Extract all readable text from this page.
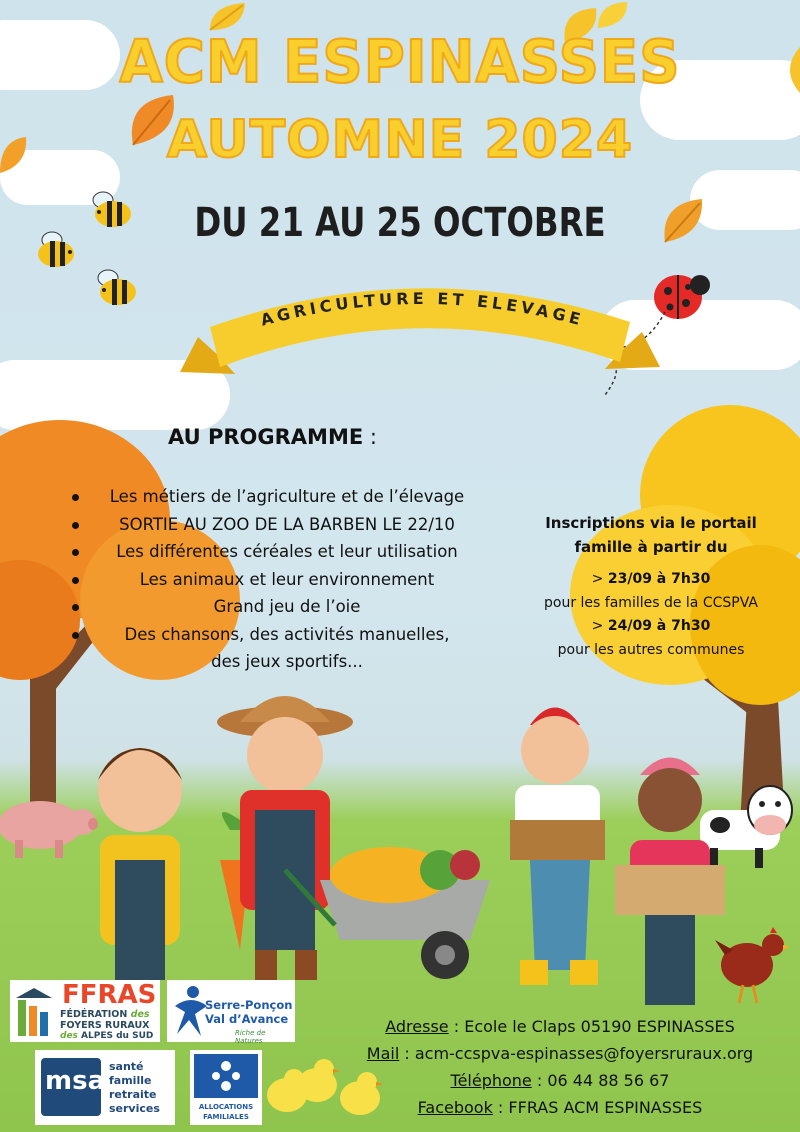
ACM ESPINASSES
AUTOMNE 2024
DU 21 AU 25 OCTOBRE
AGRICULTURE ET ELEVAGE
AU PROGRAMME :
Les métiers de l’agriculture et de l’élevage
SORTIE AU ZOO DE LA BARBEN LE 22/10
Les différentes céréales et leur utilisation
Les animaux et leur environnement
Grand jeu de l’oie
Des chansons, des activités manuelles,
des jeux sportifs...
Inscriptions via le portail
famille à partir du
> 23/09 à 7h30
pour les familles de la CCSPVA
> 24/09 à 7h30
pour les autres communes
FFRAS
FÉDÉRATION des
FOYERS RURAUX
des ALPES du SUD
Serre-Ponçon
Val d’Avance
Riche de Natures
msa santé
famille
retraite
services	ALLOCATIONS
FAMILIALES
Adresse : Ecole le Claps 05190 ESPINASSES
Mail : acm-ccspva-espinasses@foyersruraux.org
Téléphone : 06 44 88 56 67
Facebook : FFRAS ACM ESPINASSES
